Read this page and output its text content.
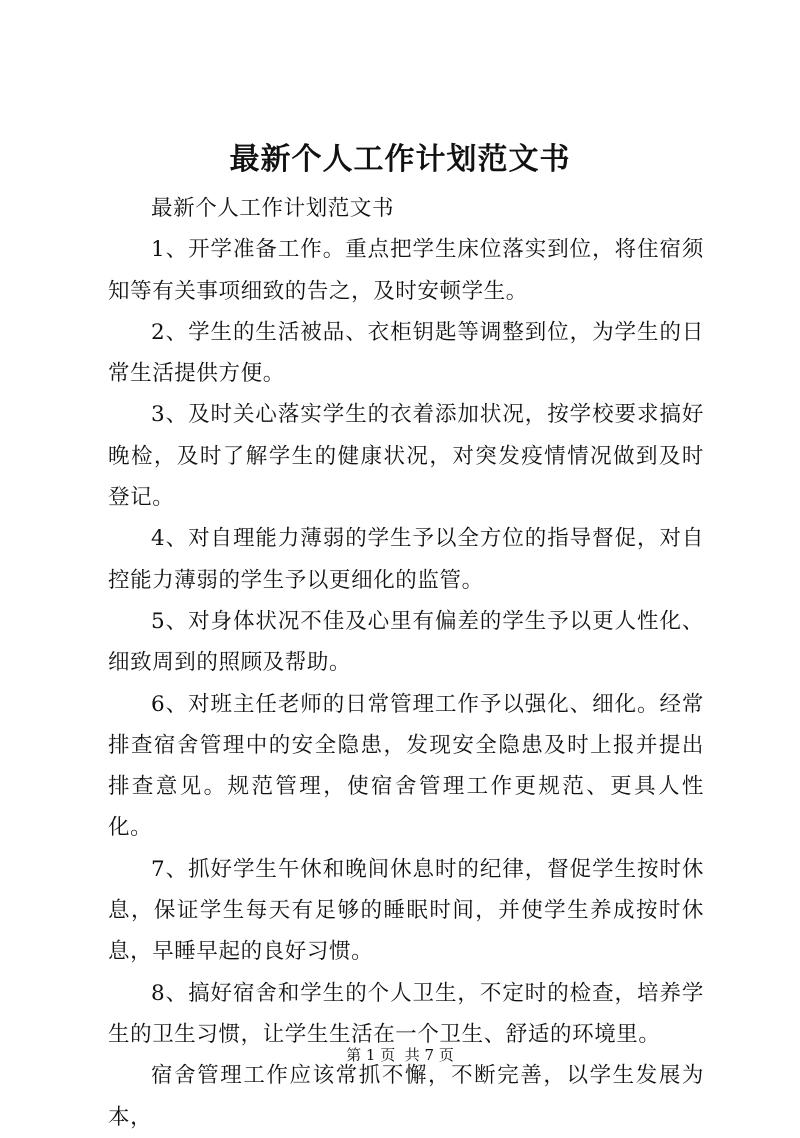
最新个人工作计划范文书

最新个人工作计划范文书

1、开学准备工作。重点把学生床位落实到位，将住宿须知等有关事项细致的告之，及时安顿学生。

2、学生的生活被品、衣柜钥匙等调整到位，为学生的日常生活提供方便。

3、及时关心落实学生的衣着添加状况，按学校要求搞好晚检，及时了解学生的健康状况，对突发疫情情况做到及时登记。

4、对自理能力薄弱的学生予以全方位的指导督促，对自控能力薄弱的学生予以更细化的监管。

5、对身体状况不佳及心里有偏差的学生予以更人性化、细致周到的照顾及帮助。

6、对班主任老师的日常管理工作予以强化、细化。经常排查宿舍管理中的安全隐患，发现安全隐患及时上报并提出排查意见。规范管理，使宿舍管理工作更规范、更具人性化。

7、抓好学生午休和晚间休息时的纪律，督促学生按时休息，保证学生每天有足够的睡眠时间，并使学生养成按时休息，早睡早起的良好习惯。

8、搞好宿舍和学生的个人卫生，不定时的检查，培养学生的卫生习惯，让学生生活在一个卫生、舒适的环境里。

宿舍管理工作应该常抓不懈，不断完善，以学生发展为本，

第 1 页 共 7 页
